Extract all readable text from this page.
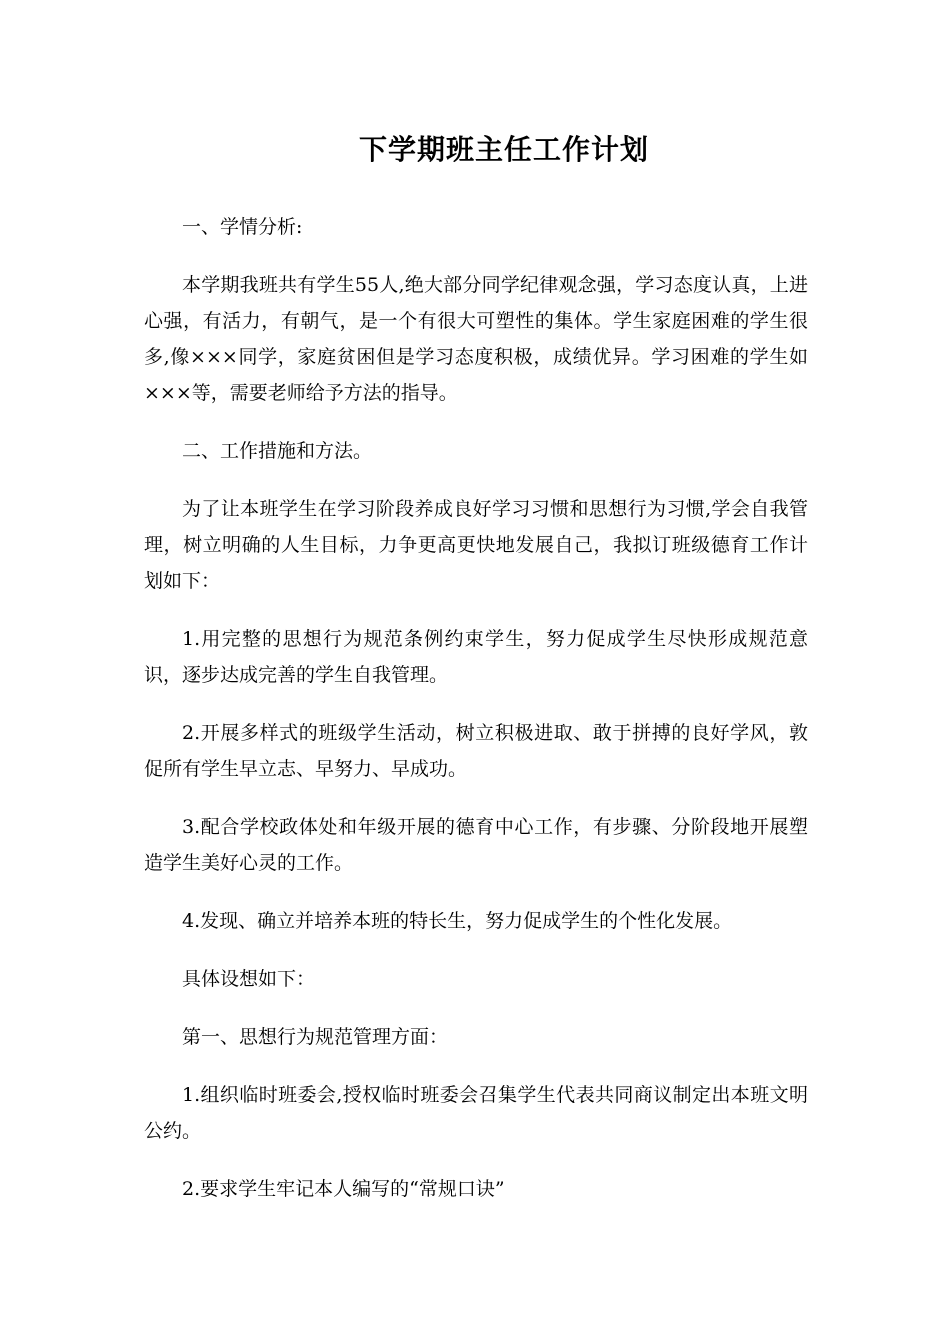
下学期班主任工作计划

一、学情分析:

本学期我班共有学生55人,绝大部分同学纪律观念强，学习态度认真，上进心强，有活力，有朝气，是一个有很大可塑性的集体。学生家庭困难的学生很多,像×××同学，家庭贫困但是学习态度积极，成绩优异。学习困难的学生如×××等，需要老师给予方法的指导。

二、工作措施和方法。

为了让本班学生在学习阶段养成良好学习习惯和思想行为习惯,学会自我管理，树立明确的人生目标，力争更高更快地发展自己，我拟订班级德育工作计划如下：

1.用完整的思想行为规范条例约束学生，努力促成学生尽快形成规范意识，逐步达成完善的学生自我管理。

2.开展多样式的班级学生活动，树立积极进取、敢于拼搏的良好学风，敦促所有学生早立志、早努力、早成功。

3.配合学校政体处和年级开展的德育中心工作，有步骤、分阶段地开展塑造学生美好心灵的工作。

4.发现、确立并培养本班的特长生，努力促成学生的个性化发展。

具体设想如下：

第一、思想行为规范管理方面：

1.组织临时班委会,授权临时班委会召集学生代表共同商议制定出本班文明公约。

2.要求学生牢记本人编写的“常规口诀”
